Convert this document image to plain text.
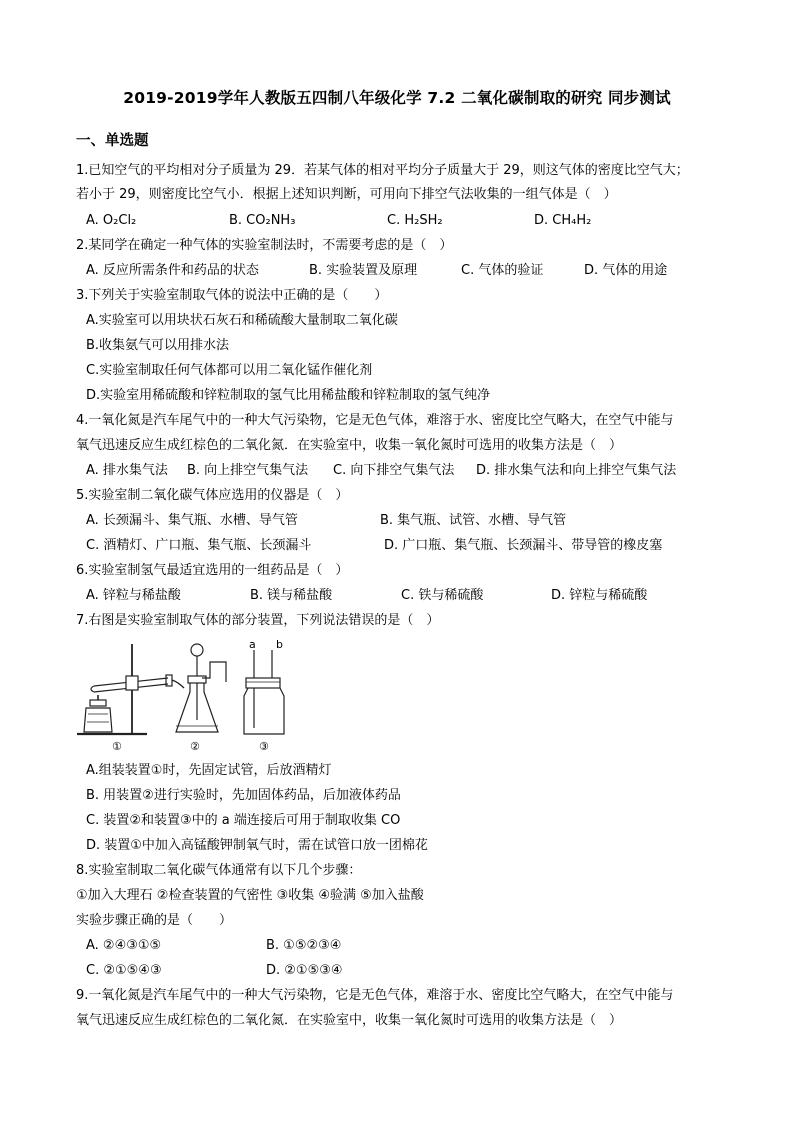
2019-2019学年人教版五四制八年级化学 7.2 二氧化碳制取的研究 同步测试
一、单选题
1.已知空气的平均相对分子质量为 29．若某气体的相对平均分子质量大于 29，则这气体的密度比空气大；
若小于 29，则密度比空气小．根据上述知识判断，可用向下排空气法收集的一组气体是（　）
A. O₂Cl₂	B. CO₂NH₃	C. H₂SH₂	D. CH₄H₂
2.某同学在确定一种气体的实验室制法时，不需要考虑的是（　）
A. 反应所需条件和药品的状态	B. 实验装置及原理	C. 气体的验证	D. 气体的用途
3.下列关于实验室制取气体的说法中正确的是（　　）
A.实验室可以用块状石灰石和稀硫酸大量制取二氧化碳
B.收集氨气可以用排水法
C.实验室制取任何气体都可以用二氧化锰作催化剂
D.实验室用稀硫酸和锌粒制取的氢气比用稀盐酸和锌粒制取的氢气纯净
4.一氧化氮是汽车尾气中的一种大气污染物，它是无色气体，难溶于水、密度比空气略大，在空气中能与
氧气迅速反应生成红棕色的二氧化氮．在实验室中，收集一氧化氮时可选用的收集方法是（　）
A. 排水集气法 B. 向上排空气集气法 C. 向下排空气集气法 D. 排水集气法和向上排空气集气法
5.实验室制二氧化碳气体应选用的仪器是（　）
A. 长颈漏斗、集气瓶、水槽、导气管	B. 集气瓶、试管、水槽、导气管
C. 酒精灯、广口瓶、集气瓶、长颈漏斗	D. 广口瓶、集气瓶、长颈漏斗、带导管的橡皮塞
6.实验室制氢气最适宜选用的一组药品是（　）
A. 锌粒与稀盐酸	B. 镁与稀盐酸	C. 铁与稀硫酸	D. 锌粒与稀硫酸
7.右图是实验室制取气体的部分装置，下列说法错误的是（　）
①	②	③
a b
A.组装装置①时，先固定试管，后放酒精灯
B. 用装置②进行实验时，先加固体药品，后加液体药品
C. 装置②和装置③中的 a 端连接后可用于制取收集 CO
D. 装置①中加入高锰酸钾制氧气时，需在试管口放一团棉花
8.实验室制取二氧化碳气体通常有以下几个步骤：
①加入大理石 ②检查装置的气密性 ③收集 ④验满 ⑤加入盐酸
实验步骤正确的是（　　）
A. ②④③①⑤	B. ①⑤②③④
C. ②①⑤④③	D. ②①⑤③④
9.一氧化氮是汽车尾气中的一种大气污染物，它是无色气体，难溶于水、密度比空气略大，在空气中能与
氧气迅速反应生成红棕色的二氧化氮．在实验室中，收集一氧化氮时可选用的收集方法是（　）
